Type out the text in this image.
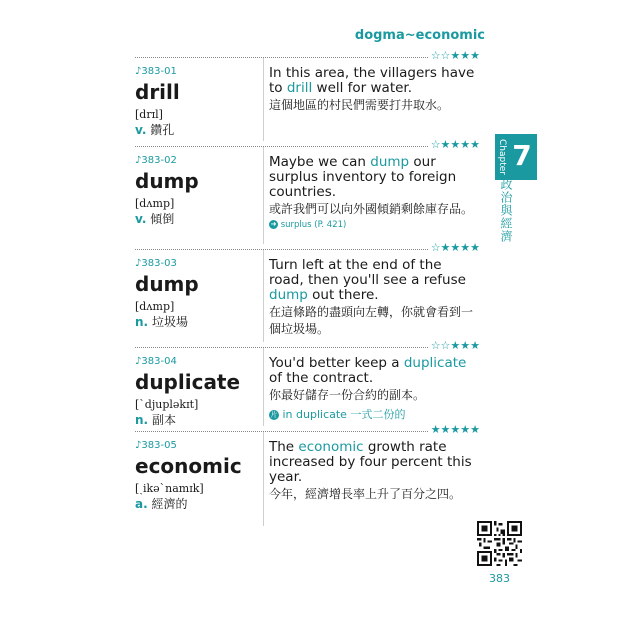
dogma~economic
☆☆★★★
♪383-01
drill
[drɪl]
v. 鑽孔
In this area, the villagers have to drill well for water.
這個地區的村民們需要打井取水。
☆★★★★
♪383-02
dump
[dʌmp]
v. 傾倒
Maybe we can dump our surplus inventory to foreign countries.
或許我們可以向外國傾銷剩餘庫存品。
➜ surplus (P. 421)
☆★★★★
♪383-03
dump
[dʌmp]
n. 垃圾場
Turn left at the end of the road, then you'll see a refuse dump out there.
在這條路的盡頭向左轉，你就會看到一個垃圾場。
☆☆★★★
♪383-04
duplicate
[ˋdjupləkɪt]
n. 副本
You'd better keep a duplicate of the contract.
你最好儲存一份合約的副本。
片 in duplicate 一式二份的
★★★★★
♪383-05
economic
[ˏikəˋnamɪk]
a. 經濟的
The economic growth rate increased by four percent this year.
今年，經濟增長率上升了百分之四。
Chapter 7
政治與經濟
383
